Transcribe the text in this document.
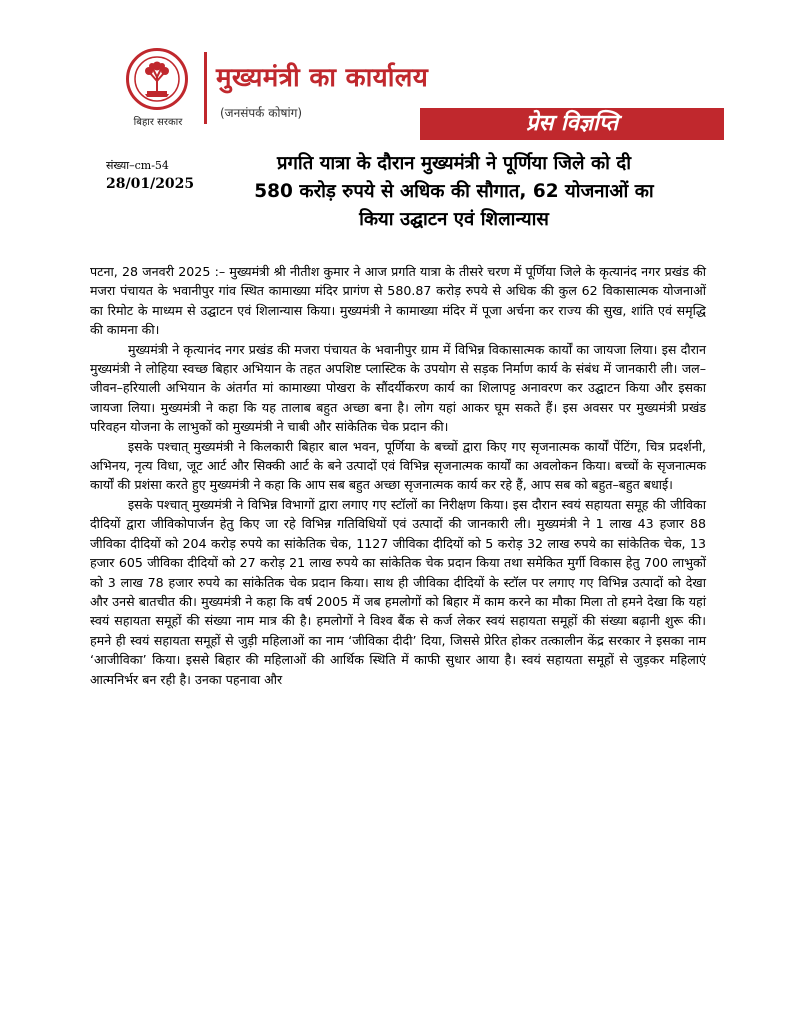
बिहार सरकार
मुख्यमंत्री का कार्यालय
(जनसंपर्क कोषांग)	प्रेस विज्ञप्ति
संख्या–cm-54
28/01/2025
प्रगति यात्रा के दौरान मुख्यमंत्री ने पूर्णिया जिले को दी
580 करोड़ रुपये से अधिक की सौगात, 62 योजनाओं का
किया उद्घाटन एवं शिलान्यास

पटना, 28 जनवरी 2025 :– मुख्यमंत्री श्री नीतीश कुमार ने आज प्रगति यात्रा के तीसरे चरण में पूर्णिया जिले के कृत्यानंद नगर प्रखंड की मजरा पंचायत के भवानीपुर गांव स्थित कामाख्या मंदिर प्रागंण से 580.87 करोड़ रुपये से अधिक की कुल 62 विकासात्मक योजनाओं का रिमोट के माध्यम से उद्घाटन एवं शिलान्यास किया। मुख्यमंत्री ने कामाख्या मंदिर में पूजा अर्चना कर राज्य की सुख, शांति एवं समृद्धि की कामना की।

मुख्यमंत्री ने कृत्यानंद नगर प्रखंड की मजरा पंचायत के भवानीपुर ग्राम में विभिन्न विकासात्मक कार्यों का जायजा लिया। इस दौरान मुख्यमंत्री ने लोहिया स्वच्छ बिहार अभियान के तहत अपशिष्ट प्लास्टिक के उपयोग से सड़क निर्माण कार्य के संबंध में जानकारी ली। जल–जीवन–हरियाली अभियान के अंतर्गत मां कामाख्या पोखरा के सौंदर्यीकरण कार्य का शिलापट्ट अनावरण कर उद्घाटन किया और इसका जायजा लिया। मुख्यमंत्री ने कहा कि यह तालाब बहुत अच्छा बना है। लोग यहां आकर घूम सकते हैं। इस अवसर पर मुख्यमंत्री प्रखंड परिवहन योजना के लाभुकों को मुख्यमंत्री ने चाबी और सांकेतिक चेक प्रदान की।

इसके पश्चात् मुख्यमंत्री ने किलकारी बिहार बाल भवन, पूर्णिया के बच्चों द्वारा किए गए सृजनात्मक कार्यों पेंटिंग, चित्र प्रदर्शनी, अभिनय, नृत्य विधा, जूट आर्ट और सिक्की आर्ट के बने उत्पादों एवं विभिन्न सृजनात्मक कार्यों का अवलोकन किया। बच्चों के सृजनात्मक कार्यों की प्रशंसा करते हुए मुख्यमंत्री ने कहा कि आप सब बहुत अच्छा सृजनात्मक कार्य कर रहे हैं, आप सब को बहुत–बहुत बधाई।

इसके पश्चात् मुख्यमंत्री ने विभिन्न विभागों द्वारा लगाए गए स्टॉलों का निरीक्षण किया। इस दौरान स्वयं सहायता समूह की जीविका दीदियों द्वारा जीविकोपार्जन हेतु किए जा रहे विभिन्न गतिविधियों एवं उत्पादों की जानकारी ली। मुख्यमंत्री ने 1 लाख 43 हजार 88 जीविका दीदियों को 204 करोड़ रुपये का सांकेतिक चेक, 1127 जीविका दीदियों को 5 करोड़ 32 लाख रुपये का सांकेतिक चेक, 13 हजार 605 जीविका दीदियों को 27 करोड़ 21 लाख रुपये का सांकेतिक चेक प्रदान किया तथा समेकित मुर्गी विकास हेतु 700 लाभुकों को 3 लाख 78 हजार रुपये का सांकेतिक चेक प्रदान किया। साथ ही जीविका दीदियों के स्टॉल पर लगाए गए विभिन्न उत्पादों को देखा और उनसे बातचीत की। मुख्यमंत्री ने कहा कि वर्ष 2005 में जब हमलोगों को बिहार में काम करने का मौका मिला तो हमने देखा कि यहां स्वयं सहायता समूहों की संख्या नाम मात्र की है। हमलोगों ने विश्व बैंक से कर्ज लेकर स्वयं सहायता समूहों की संख्या बढ़ानी शुरू की। हमने ही स्वयं सहायता समूहों से जुड़ी महिलाओं का नाम ‘जीविका दीदी’ दिया, जिससे प्रेरित होकर तत्कालीन केंद्र सरकार ने इसका नाम ‘आजीविका’ किया। इससे बिहार की महिलाओं की आर्थिक स्थिति में काफी सुधार आया है। स्वयं सहायता समूहों से जुड़कर महिलाएं आत्मनिर्भर बन रही है। उनका पहनावा और
